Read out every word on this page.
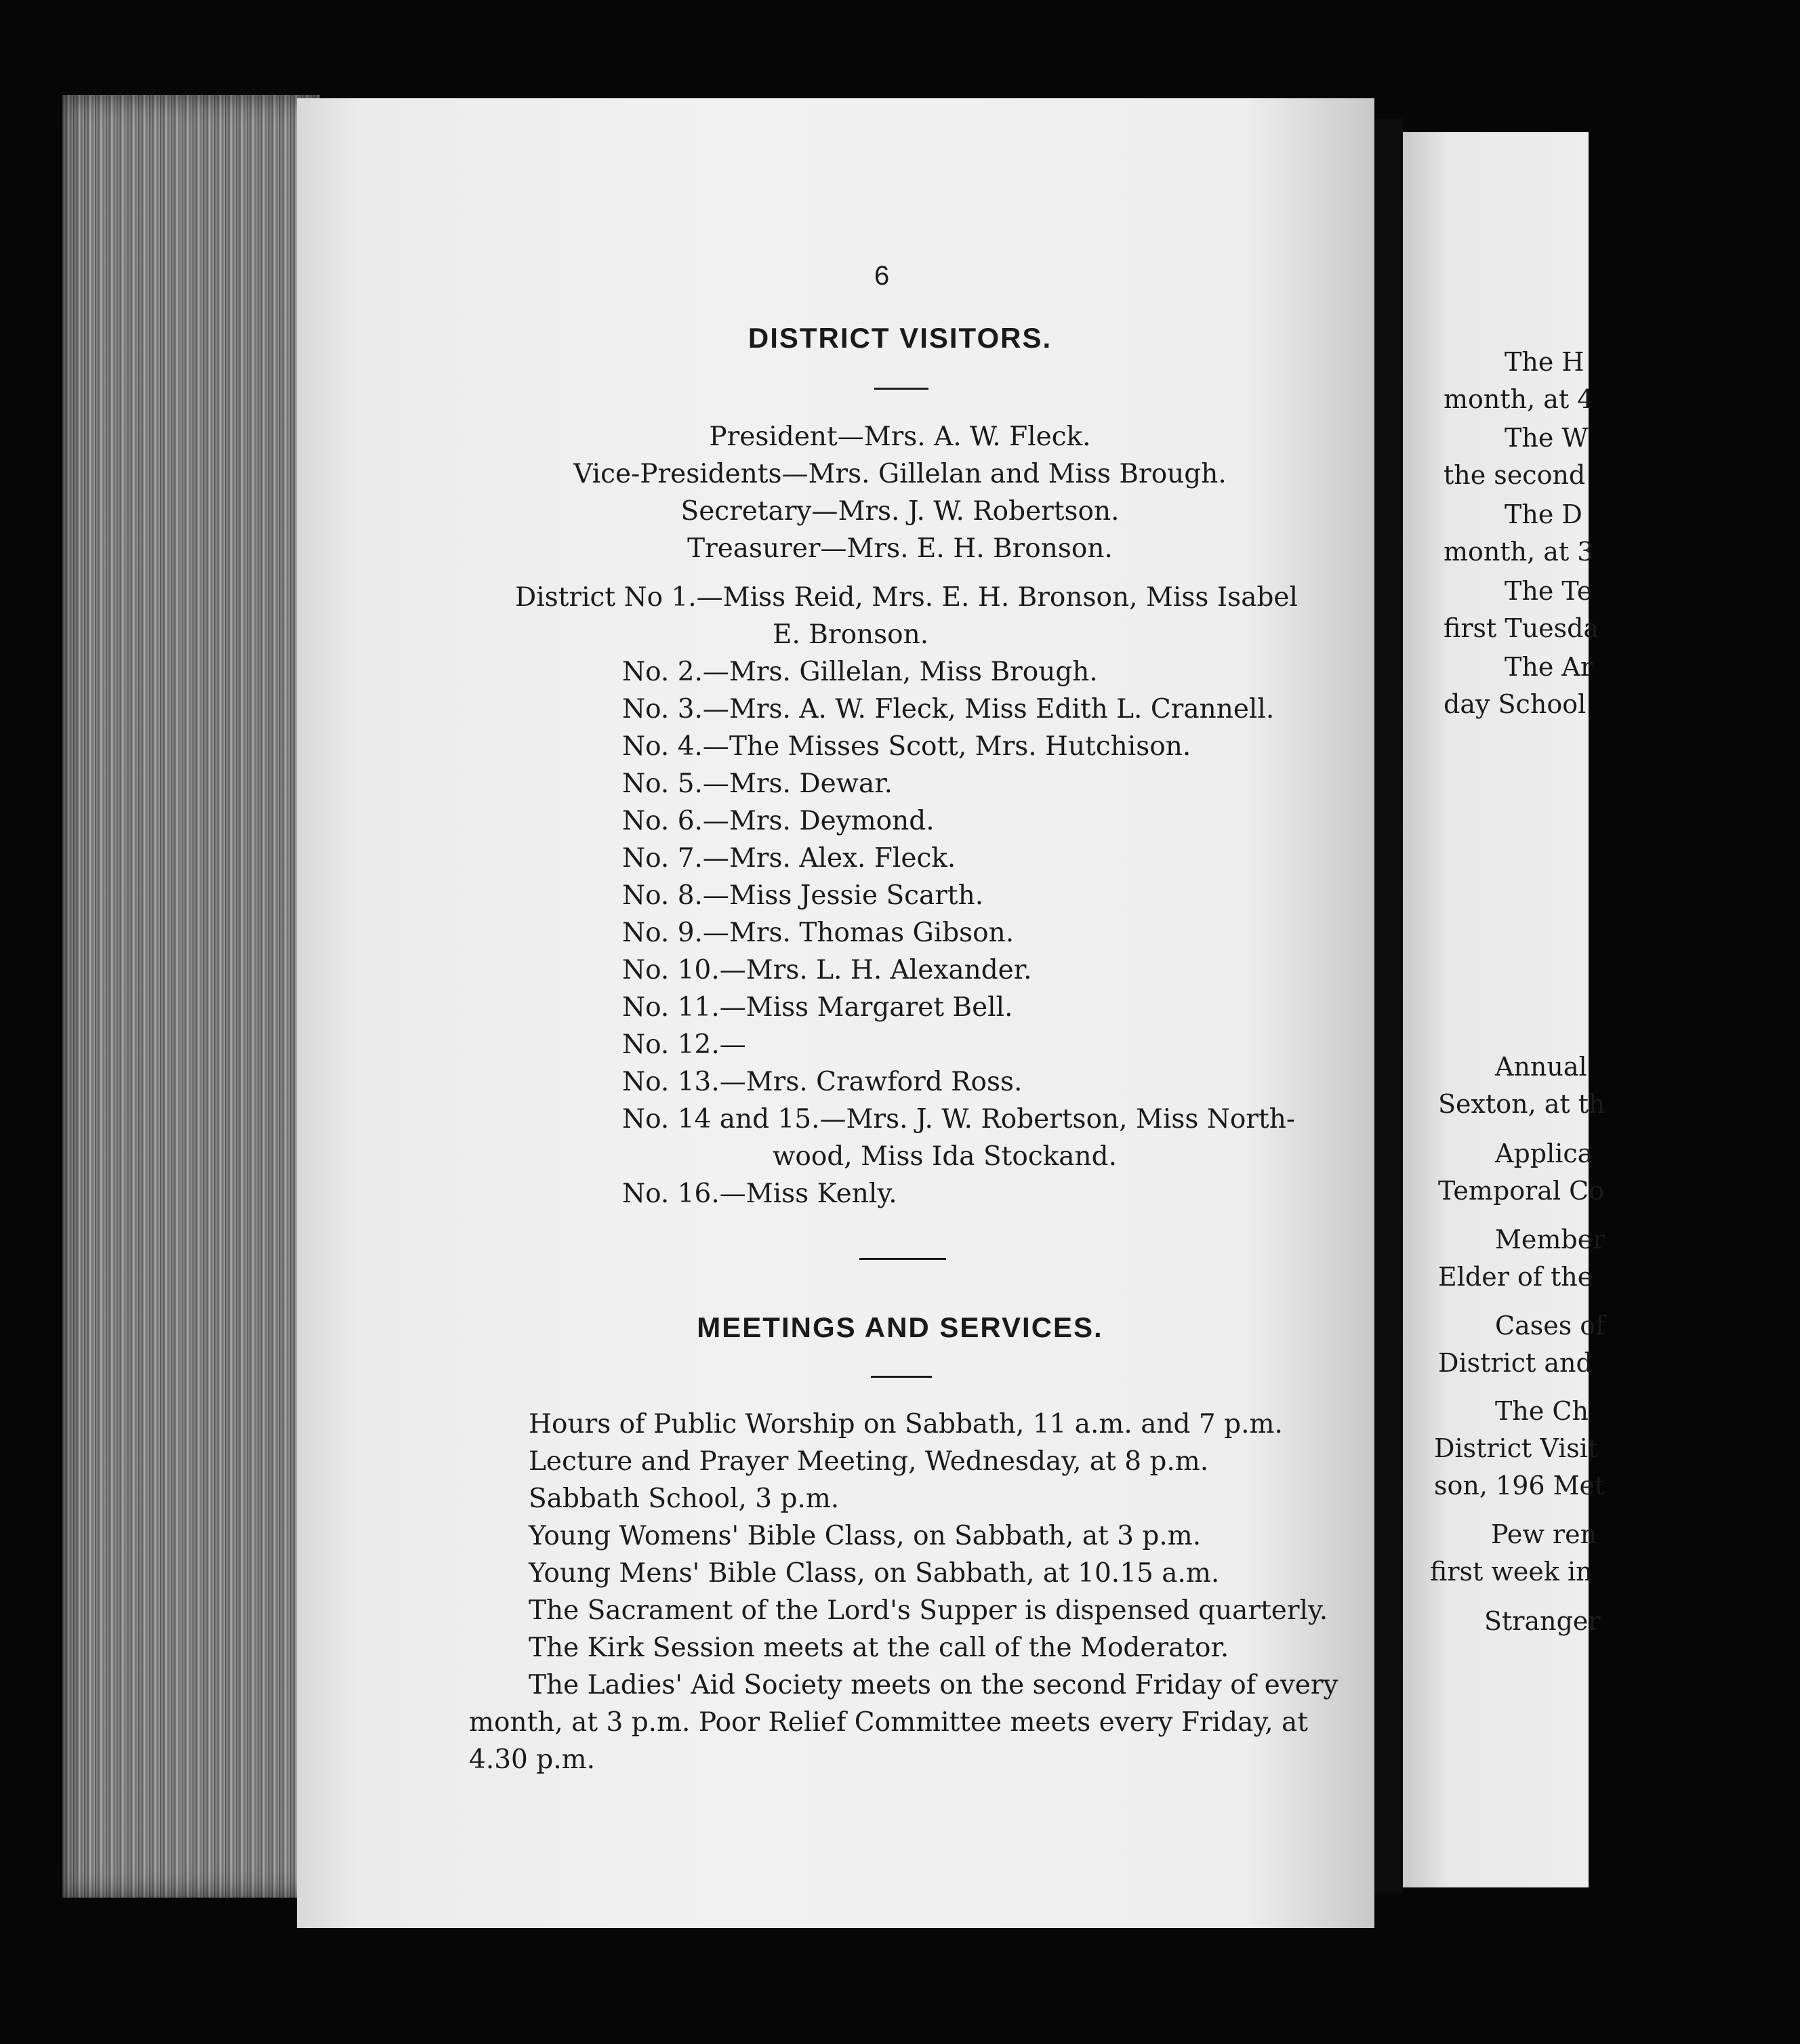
The H
month, at 4
The W
the second
The D
month, at 3
The Te
first Tuesda
The Ar
day School
Annual
Sexton, at th
Applica
Temporal Co
Member
Elder of the
Cases of
District and
The Ch
District Visit
son, 196 Met
Pew ren
first week in
Stranger
6
DISTRICT VISITORS.
President—Mrs. A. W. Fleck.
Vice-Presidents—Mrs. Gillelan and Miss Brough.
Secretary—Mrs. J. W. Robertson.
Treasurer—Mrs. E. H. Bronson.
District No 1.—Miss Reid, Mrs. E. H. Bronson, Miss Isabel
E. Bronson.
No. 2.—Mrs. Gillelan, Miss Brough.
No. 3.—Mrs. A. W. Fleck, Miss Edith L. Crannell.
No. 4.—The Misses Scott, Mrs. Hutchison.
No. 5.—Mrs. Dewar.
No. 6.—Mrs. Deymond.
No. 7.—Mrs. Alex. Fleck.
No. 8.—Miss Jessie Scarth.
No. 9.—Mrs. Thomas Gibson.
No. 10.—Mrs. L. H. Alexander.
No. 11.—Miss Margaret Bell.
No. 12.—
No. 13.—Mrs. Crawford Ross.
No. 14 and 15.—Mrs. J. W. Robertson, Miss North-
wood, Miss Ida Stockand.
No. 16.—Miss Kenly.
MEETINGS AND SERVICES.
Hours of Public Worship on Sabbath, 11 a.m. and 7 p.m.
Lecture and Prayer Meeting, Wednesday, at 8 p.m.
Sabbath School, 3 p.m.
Young Womens' Bible Class, on Sabbath, at 3 p.m.
Young Mens' Bible Class, on Sabbath, at 10.15 a.m.
The Sacrament of the Lord's Supper is dispensed quarterly.
The Kirk Session meets at the call of the Moderator.
The Ladies' Aid Society meets on the second Friday of every
month, at 3 p.m. Poor Relief Committee meets every Friday, at
4.30 p.m.
